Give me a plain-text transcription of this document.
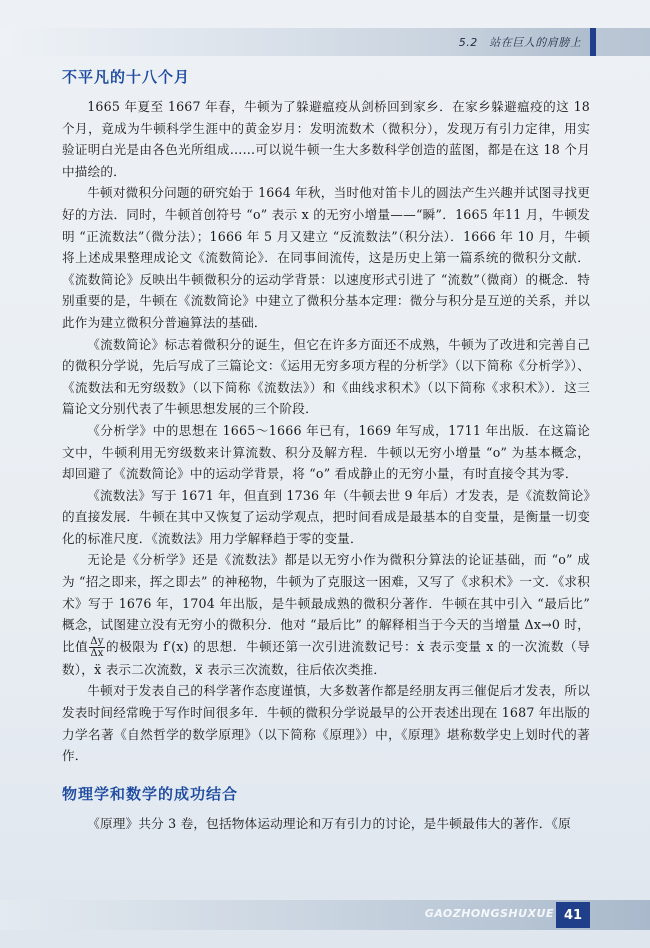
5.2　站在巨人的肩膀上
不平凡的十八个月

1665 年夏至 1667 年春，牛顿为了躲避瘟疫从剑桥回到家乡．在家乡躲避瘟疫的这 18 个月，竟成为牛顿科学生涯中的黄金岁月：发明流数术（微积分），发现万有引力定律，用实验证明白光是由各色光所组成……可以说牛顿一生大多数科学创造的蓝图，都是在这 18 个月中描绘的．

牛顿对微积分问题的研究始于 1664 年秋，当时他对笛卡儿的圆法产生兴趣并试图寻找更好的方法．同时，牛顿首创符号 “o” 表示 x 的无穷小增量——“瞬”．1665 年11 月，牛顿发明 “正流数法”（微分法）；1666 年 5 月又建立 “反流数法”（积分法）．1666 年 10 月，牛顿将上述成果整理成论文《流数简论》．在同事间流传，这是历史上第一篇系统的微积分文献．《流数简论》反映出牛顿微积分的运动学背景：以速度形式引进了 “流数”（微商）的概念．特别重要的是，牛顿在《流数简论》中建立了微积分基本定理：微分与积分是互逆的关系，并以此作为建立微积分普遍算法的基础．

《流数简论》标志着微积分的诞生，但它在许多方面还不成熟，牛顿为了改进和完善自己的微积分学说，先后写成了三篇论文：《运用无穷多项方程的分析学》（以下简称《分析学》）、《流数法和无穷级数》（以下简称《流数法》）和《曲线求积术》（以下简称《求积术》）．这三篇论文分别代表了牛顿思想发展的三个阶段．

《分析学》中的思想在 1665～1666 年已有，1669 年写成，1711 年出版．在这篇论文中，牛顿利用无穷级数来计算流数、积分及解方程．牛顿以无穷小增量 “o” 为基本概念，却回避了《流数简论》中的运动学背景，将 “o” 看成静止的无穷小量，有时直接令其为零．

《流数法》写于 1671 年，但直到 1736 年（牛顿去世 9 年后）才发表，是《流数简论》的直接发展．牛顿在其中又恢复了运动学观点，把时间看成是最基本的自变量，是衡量一切变化的标准尺度．《流数法》用力学解释趋于零的变量．

无论是《分析学》还是《流数法》都是以无穷小作为微积分算法的论证基础，而 “o” 成为 “招之即来，挥之即去” 的神秘物，牛顿为了克服这一困难，又写了《求积术》一文．《求积术》写于 1676 年，1704 年出版，是牛顿最成熟的微积分著作．牛顿在其中引入 “最后比” 概念，试图建立没有无穷小的微积分．他对 “最后比” 的解释相当于今天的当增量 Δx→0 时，比值 $\frac{\Delta y}{\Delta x}$ 的极限为 f′(x) 的思想．牛顿还第一次引进流数记号：ẋ 表示变量 x 的一次流数（导数），ẍ 表示二次流数，x⃛ 表示三次流数，往后依次类推．

牛顿对于发表自己的科学著作态度谨慎，大多数著作都是经朋友再三催促后才发表，所以发表时间经常晚于写作时间很多年．牛顿的微积分学说最早的公开表述出现在 1687 年出版的力学名著《自然哲学的数学原理》（以下简称《原理》）中，《原理》堪称数学史上划时代的著作．

物理学和数学的成功结合

《原理》共分 3 卷，包括物体运动理论和万有引力的讨论，是牛顿最伟大的著作．《原

GAOZHONGSHUXUE 41
